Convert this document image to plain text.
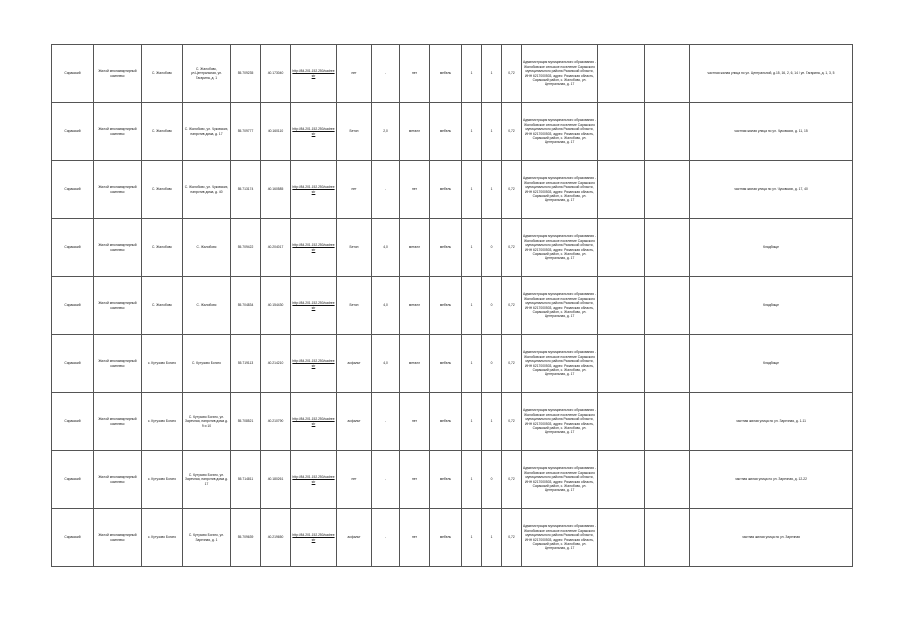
Саракский	Жилой многоквартирный комплекс	С. Жалобовс	С. Жалобовс, ул.Центральная, ул. Гагарина, д. 1	55.709235	40.173040	http://84.201.152.250/cadreestr	нет	-	нет	мебель	1	1	0,72	Администрация муниципального образования - Жалобовское сельское поселение Саракского муниципального района Рязанской области, ИНН 6217000503, адрес: Рязанская область, Саракский район, с. Жалобово, ул. Центральная, д. 17			частная жилая улица по ул. Центральной, д.15, 16, 2, 6, 14 / ул. Гагарина, д. 1, 3, 5
Саракский	Жилой многоквартирный комплекс	С. Жалобовс	С. Жалобовс, ул. Чуковских, напротив дома, д. 17	55.709777	40.160110	http://84.201.152.250/cadreestr	Бетон	2,0	металл	мебель	1	1	0,72	Администрация муниципального образования - Жалобовское сельское поселение Саракского муниципального района Рязанской области, ИНН 6217000503, адрес: Рязанская область, Саракский район, с. Жалобово, ул. Центральная, д. 17			частная жилая улица по ул. Чуковских, д. 11, 15
Саракский	Жилой многоквартирный комплекс	С. Жалобовс	С. Жалобовс, ул. Чуковских, напротив дома, д. 40	55.713174	40.160585	http://84.201.152.250/cadreestr	нет	-	нет	мебель	1	1	0,72	Администрация муниципального образования - Жалобовское сельское поселение Саракского муниципального района Рязанской области, ИНН 6217000503, адрес: Рязанская область, Саракский район, с. Жалобово, ул. Центральная, д. 17			частная жилая улица по ул. Чуковских, д. 17, 40
Саракский	Жилой многоквартирный комплекс	С. Жалобовс	С. Жалобовс	55.709422	40.204017	http://84.201.152.250/cadreestr	Бетон	4,0	металл	мебель	1	0	0,72	Администрация муниципального образования - Жалобовское сельское поселение Саракского муниципального района Рязанской области, ИНН 6217000503, адрес: Рязанская область, Саракский район, с. Жалобово, ул. Центральная, д. 17			Кладбище
Саракский	Жилой многоквартирный комплекс	С. Жалобовс	С. Жалобовс	55.704834	40.154430	http://84.201.152.250/cadreestr	Бетон	4,0	металл	мебель	1	0	0,72	Администрация муниципального образования - Жалобовское сельское поселение Саракского муниципального района Рязанской области, ИНН 6217000503, адрес: Рязанская область, Саракский район, с. Жалобово, ул. Центральная, д. 17			Кладбище
Саракский	Жилой многоквартирный комплекс	с. Кутузово Богато	С. Кутузово Богато	55.719113	40.214210	http://84.201.152.250/cadreestr	асфальт	4,0	металл	мебель	1	0	0,72	Администрация муниципального образования - Жалобовское сельское поселение Саракского муниципального района Рязанской области, ИНН 6217000503, адрес: Рязанская область, Саракский район, с. Жалобово, ул. Центральная, д. 17			Кладбище
Саракский	Жилой многоквартирный комплекс	с. Кутузово Богато	С. Кутузово Богато, ул. Заречная, напротив дома д. 9 и 10	55.708521	40.210790	http://84.201.152.250/cadreestr	асфальт	-	нет	мебель	1	1	0,72	Администрация муниципального образования - Жалобовское сельское поселение Саракского муниципального района Рязанской области, ИНН 6217000503, адрес: Рязанская область, Саракский район, с. Жалобово, ул. Центральная, д. 17			частная жилая улица по ул. Заречная, д. 1-11
Саракский	Жилой многоквартирный комплекс	с. Кутузово Богато	С. Кутузово Богато, ул. Заречная, напротив дома д. 17	55.714811	40.180261	http://84.201.152.250/cadreestr	нет	-	нет	мебель	1	0	0,72	Администрация муниципального образования - Жалобовское сельское поселение Саракского муниципального района Рязанской области, ИНН 6217000503, адрес: Рязанская область, Саракский район, с. Жалобово, ул. Центральная, д. 17			частная жилая улица по ул. Заречная, д. 12-22
Саракский	Жилой многоквартирный комплекс	с. Кутузово Богато	С. Кутузово Богато, ул. Заречная, д. 1	55.709639	40.219650	http://84.201.152.250/cadreestr	асфальт	-	нет	мебель	1	1	0,72	Администрация муниципального образования - Жалобовское сельское поселение Саракского муниципального района Рязанской области, ИНН 6217000503, адрес: Рязанская область, Саракский район, с. Жалобово, ул. Центральная, д. 17			частная жилая улица по ул. Заречная
